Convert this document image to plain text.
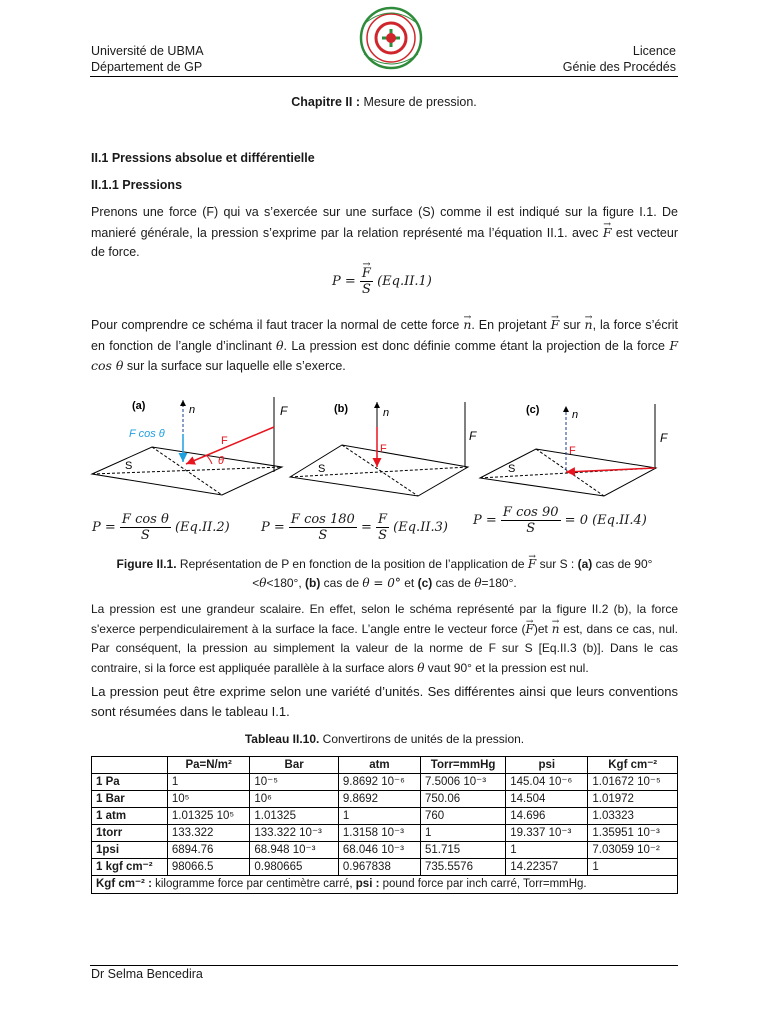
Université de UBMA
Département de GP
Licence
Génie des Procédés
Chapitre II : Mesure de pression.
II.1 Pressions absolue et différentielle
II.1.1 Pressions
Prenons une force (F) qui va s’exercée sur une surface (S) comme il est indiqué sur la figure I.1. De manieré générale, la pression s’exprime par la relation représenté ma l’équation II.1. avec F → est vecteur de force.
$P = \frac{F \to}{S} (Eq.II.1)$
Pour comprendre ce schéma il faut tracer la normal de cette force n →. En projetant F → sur n →, la force s’écrit en fonction de l’angle d’inclinant θ. La pression est donc définie comme étant la projection de la force F cos θ sur la surface sur laquelle elle s’exerce.
(a)	n	F
F cos θ
F
θ
S
(b)	n
F
F
S
(c)	n
F
F
S
$P = \frac{\text{F cos θ}}{S} (Eq.II.2) P = \frac{\text{F cos 180}}{S} = \frac{F}{S} (Eq.II.3) P = \frac{\text{F cos 90}}{S} = 0$ (Eq.II.4)
Figure II.1. Représentation de P en fonction de la position de l’application de F → sur S : (a) cas de 90° <θ<180°, (b) cas de θ = 0° et (c) cas de θ=180°.
La pression est une grandeur scalaire. En effet, selon le schéma représenté par la figure II.2 (b), la force s'exerce perpendiculairement à la surface la face. L’angle entre le vecteur force (F →)et n → est, dans ce cas, nul. Par conséquent, la pression au simplement la valeur de la norme de F sur S [Eq.II.3 (b)]. Dans le cas contraire, si la force est appliquée parallèle à la surface alors θ vaut 90° et la pression est nul.
La pression peut être exprime selon une variété d’unités. Ses différentes ainsi que leurs conventions sont résumées dans le tableau I.1.
Tableau II.10. Convertirons de unités de la pression.
	Pa=N/m²	Bar	atm	Torr=mmHg	psi	Kgf cm⁻²
1 Pa	1	10⁻⁵	9.8692 10⁻⁶	7.5006 10⁻³	145.04 10⁻⁶	1.01672 10⁻⁵
1 Bar	10⁵	10⁶	9.8692	750.06	14.504	1.01972
1 atm	1.01325 10⁵	1.01325	1	760	14.696	1.03323
1torr	133.322	133.322 10⁻³	1.3158 10⁻³	1	19.337 10⁻³	1.35951 10⁻³
1psi	6894.76	68.948 10⁻³	68.046 10⁻³	51.715	1	7.03059 10⁻²
1 kgf cm⁻²	98066.5	0.980665	0.967838	735.5576	14.22357	1
Kgf cm⁻² : kilogramme force par centimètre carré, psi : pound force par inch carré, Torr=mmHg.						
Dr Selma Bencedira
